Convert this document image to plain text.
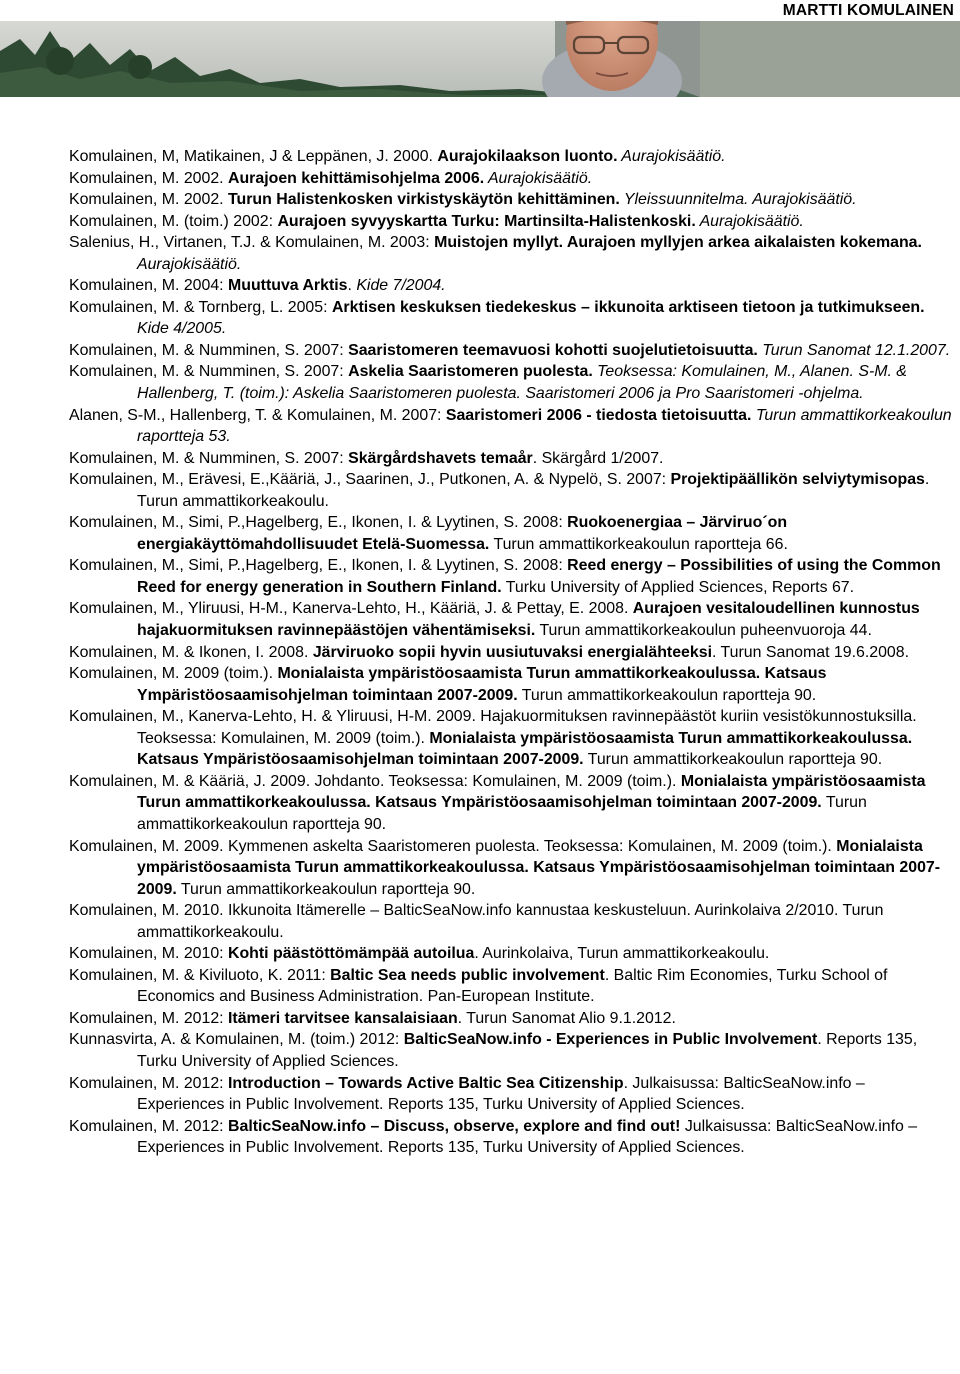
MARTTI KOMULAINEN
Komulainen, M, Matikainen, J & Leppänen, J. 2000. Aurajokilaakson luonto. Aurajokisäätiö.
Komulainen, M. 2002. Aurajoen kehittämisohjelma 2006. Aurajokisäätiö.
Komulainen, M. 2002. Turun Halistenkosken virkistyskäytön kehittäminen. Yleissuunnitelma. Aurajokisäätiö.
Komulainen, M. (toim.) 2002: Aurajoen syvyyskartta Turku: Martinsilta-Halistenkoski. Aurajokisäätiö.
Salenius, H., Virtanen, T.J. & Komulainen, M. 2003: Muistojen myllyt. Aurajoen myllyjen arkea aikalaisten kokemana. Aurajokisäätiö.
Komulainen, M. 2004: Muuttuva Arktis. Kide 7/2004.
Komulainen, M. & Tornberg, L. 2005: Arktisen keskuksen tiedekeskus – ikkunoita arktiseen tietoon ja tutkimukseen. Kide 4/2005.
Komulainen, M. & Numminen, S. 2007: Saaristomeren teemavuosi kohotti suojelutietoisuutta. Turun Sanomat 12.1.2007.
Komulainen, M. & Numminen, S. 2007: Askelia Saaristomeren puolesta. Teoksessa: Komulainen, M., Alanen. S-M. & Hallenberg, T. (toim.): Askelia Saaristomeren puolesta. Saaristomeri 2006 ja Pro Saaristomeri -ohjelma.
Alanen, S-M., Hallenberg, T. & Komulainen, M. 2007: Saaristomeri 2006 - tiedosta tietoisuutta. Turun ammattikorkeakoulun raportteja 53.
Komulainen, M. & Numminen, S. 2007: Skärgårdshavets temaår. Skärgård 1/2007.
Komulainen, M., Erävesi, E.,Kääriä, J., Saarinen, J., Putkonen, A. & Nypelö, S. 2007: Projektipäällikön selviytymisopas. Turun ammattikorkeakoulu.
Komulainen, M., Simi, P.,Hagelberg, E., Ikonen, I. & Lyytinen, S. 2008: Ruokoenergiaa – Järviruo´on energiakäyttömahdollisuudet Etelä-Suomessa. Turun ammattikorkeakoulun raportteja 66.
Komulainen, M., Simi, P.,Hagelberg, E., Ikonen, I. & Lyytinen, S. 2008: Reed energy – Possibilities of using the Common Reed for energy generation in Southern Finland. Turku University of Applied Sciences, Reports 67.
Komulainen, M., Yliruusi, H-M., Kanerva-Lehto, H., Kääriä, J. & Pettay, E. 2008. Aurajoen vesitaloudellinen kunnostus hajakuormituksen ravinnepäästöjen vähentämiseksi. Turun ammattikorkeakoulun puheenvuoroja 44.
Komulainen, M. & Ikonen, I. 2008. Järviruoko sopii hyvin uusiutuvaksi energialähteeksi. Turun Sanomat 19.6.2008.
Komulainen, M. 2009 (toim.). Monialaista ympäristöosaamista Turun ammattikorkeakoulussa. Katsaus Ympäristöosaamisohjelman toimintaan 2007-2009. Turun ammattikorkeakoulun raportteja 90.
Komulainen, M., Kanerva-Lehto, H. & Yliruusi, H-M. 2009. Hajakuormituksen ravinnepäästöt kuriin vesistökunnostuksilla. Teoksessa: Komulainen, M. 2009 (toim.). Monialaista ympäristöosaamista Turun ammattikorkeakoulussa. Katsaus Ympäristöosaamisohjelman toimintaan 2007-2009. Turun ammattikorkeakoulun raportteja 90.
Komulainen, M. & Kääriä, J. 2009. Johdanto. Teoksessa: Komulainen, M. 2009 (toim.). Monialaista ympäristöosaamista Turun ammattikorkeakoulussa. Katsaus Ympäristöosaamisohjelman toimintaan 2007-2009. Turun ammattikorkeakoulun raportteja 90.
Komulainen, M. 2009. Kymmenen askelta Saaristomeren puolesta. Teoksessa: Komulainen, M. 2009 (toim.). Monialaista ympäristöosaamista Turun ammattikorkeakoulussa. Katsaus Ympäristöosaamisohjelman toimintaan 2007-2009. Turun ammattikorkeakoulun raportteja 90.
Komulainen, M. 2010. Ikkunoita Itämerelle – BalticSeaNow.info kannustaa keskusteluun. Aurinkolaiva 2/2010. Turun ammattikorkeakoulu.
Komulainen, M. 2010: Kohti päästöttömämpää autoilua. Aurinkolaiva, Turun ammattikorkeakoulu.
Komulainen, M. & Kiviluoto, K. 2011: Baltic Sea needs public involvement. Baltic Rim Economies, Turku School of Economics and Business Administration. Pan-European Institute.
Komulainen, M. 2012: Itämeri tarvitsee kansalaisiaan. Turun Sanomat Alio 9.1.2012.
Kunnasvirta, A. & Komulainen, M. (toim.) 2012: BalticSeaNow.info - Experiences in Public Involvement. Reports 135, Turku University of Applied Sciences.
Komulainen, M. 2012: Introduction – Towards Active Baltic Sea Citizenship. Julkaisussa: BalticSeaNow.info – Experiences in Public Involvement. Reports 135, Turku University of Applied Sciences.
Komulainen, M. 2012: BalticSeaNow.info – Discuss, observe, explore and find out! Julkaisussa: BalticSeaNow.info – Experiences in Public Involvement. Reports 135, Turku University of Applied Sciences.
